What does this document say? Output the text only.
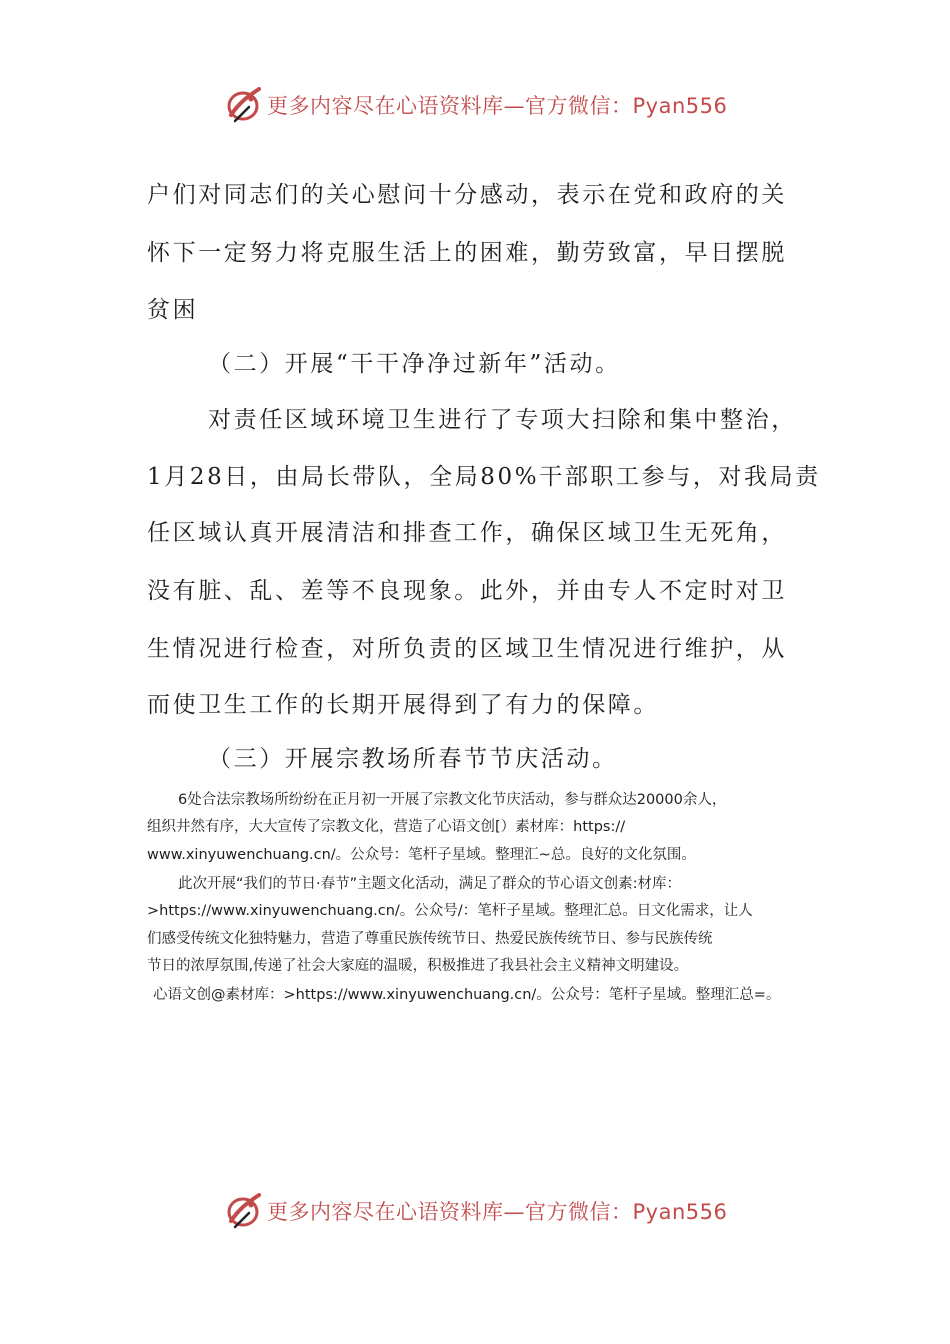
更多内容尽在心语资料库—官方微信：Pyan556
户们对同志们的关心慰问十分感动，表示在党和政府的关
怀下一定努力将克服生活上的困难，勤劳致富，早日摆脱
贫困
（二）开展“干干净净过新年”活动。
对责任区域环境卫生进行了专项大扫除和集中整治，
1月28日，由局长带队，全局80%干部职工参与，对我局责
任区域认真开展清洁和排查工作，确保区域卫生无死角，
没有脏、乱、差等不良现象。此外，并由专人不定时对卫
生情况进行检查，对所负责的区域卫生情况进行维护，从
而使卫生工作的长期开展得到了有力的保障。
（三）开展宗教场所春节节庆活动。
6处合法宗教场所纷纷在正月初一开展了宗教文化节庆活动，参与群众达20000余人，
组织井然有序，大大宣传了宗教文化，营造了心语文创[）素材库：https://
www.xinyuwenchuang.cn/。公众号：笔杆子星域。整理汇~总。良好的文化氛围。
此次开展“我们的节日·春节”主题文化活动，满足了群众的节心语文创素:材库：
>https://www.xinyuwenchuang.cn/。公众号/：笔杆子星域。整理汇总。日文化需求，让人
们感受传统文化独特魅力，营造了尊重民族传统节日、热爱民族传统节日、参与民族传统
节日的浓厚氛围,传递了社会大家庭的温暖，积极推进了我县社会主义精神文明建设。
心语文创@素材库：>https://www.xinyuwenchuang.cn/。公众号：笔杆子星域。整理汇总=。
更多内容尽在心语资料库—官方微信：Pyan556
